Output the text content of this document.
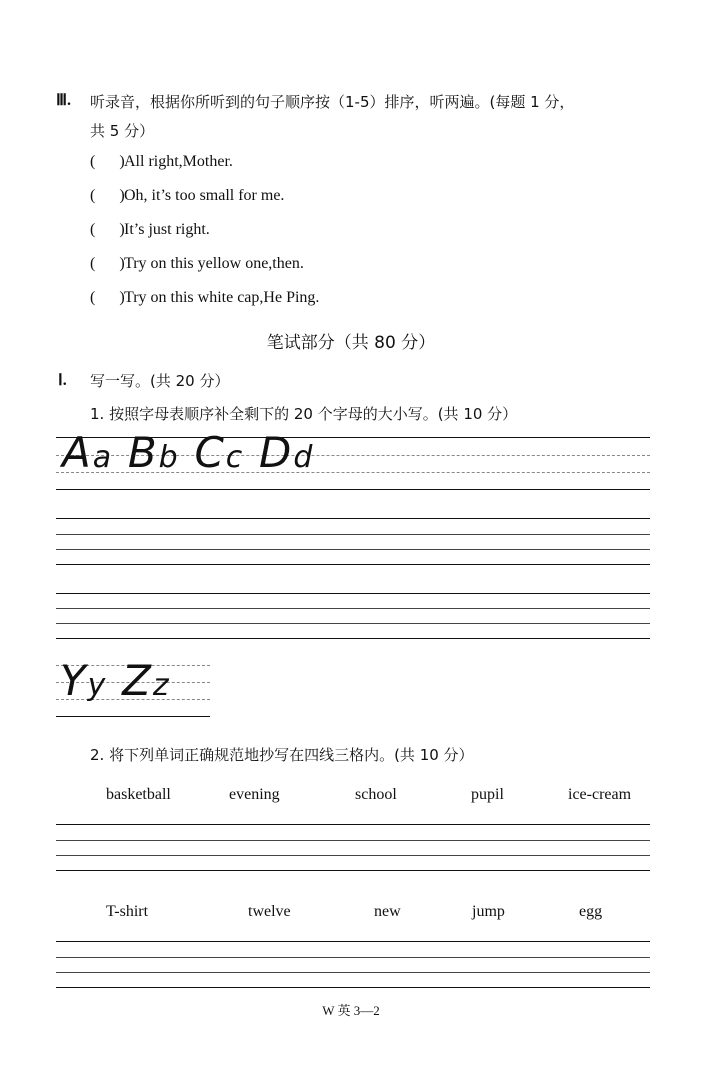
Ⅲ. 听录音，根据你所听到的句子顺序按（1-5）排序，听两遍。(每题 1 分，
共 5 分）
(      )All right,Mother.
(      )Oh, it’s too small for me.
(      )It’s just right.
(      )Try on this yellow one,then.
(      )Try on this white cap,He Ping.
笔试部分（共 80 分）
Ⅰ. 写一写。(共 20 分）
1. 按照字母表顺序补全剩下的 20 个字母的大小写。(共 10 分）
Aa Bb Cc Dd
Yy Zz
2. 将下列单词正确规范地抄写在四线三格内。(共 10 分）
basketball	evening	school	pupil	ice-cream
T-shirt	twelve	new	jump	egg
W 英 3—2
